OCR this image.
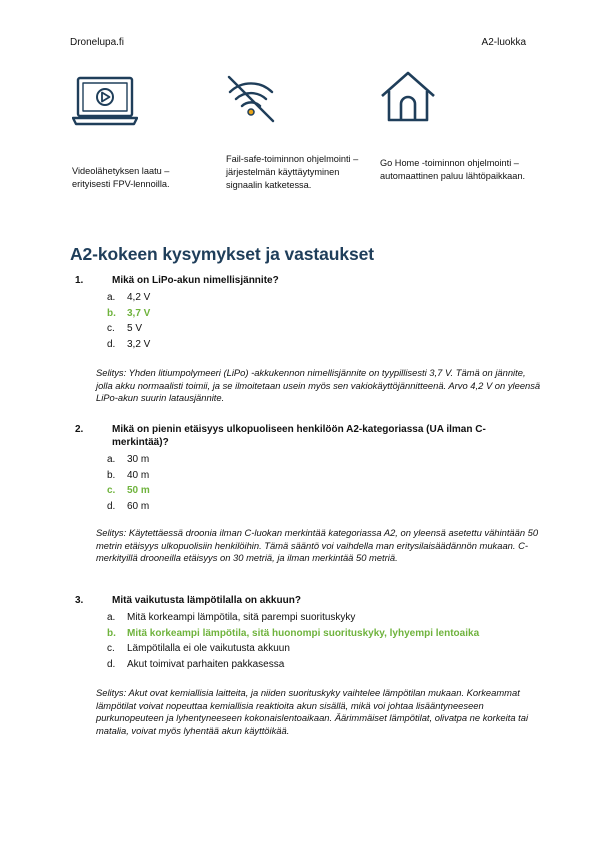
Dronelupa.fi	A2-luokka
Videolähetyksen laatu – erityisesti FPV-lennoilla.
Fail-safe-toiminnon ohjelmointi – järjestelmän käyttäytyminen signaalin katketessa.
Go Home -toiminnon ohjelmointi – automaattinen paluu lähtöpaikkaan.
A2-kokeen kysymykset ja vastaukset
1.	Mikä on LiPo-akun nimellisjännite?
a.	4,2 V
b.	3,7 V
c.	5 V
d.	3,2 V
Selitys: Yhden litiumpolymeeri (LiPo) -akkukennon nimellisjännite on tyypillisesti 3,7 V. Tämä on jännite, jolla akku normaalisti toimii, ja se ilmoitetaan usein myös sen vakiokäyttöjännitteenä. Arvo 4,2 V on yleensä LiPo-akun suurin latausjännite.
2.	Mikä on pienin etäisyys ulkopuoliseen henkilöön A2-kategoriassa (UA ilman C-merkintää)?
a.	30 m
b.	40 m
c.	50 m
d.	60 m
Selitys: Käytettäessä droonia ilman C-luokan merkintää kategoriassa A2, on yleensä asetettu vähintään 50 metrin etäisyys ulkopuolisiin henkilöihin. Tämä sääntö voi vaihdella man eritysilaisäädännön mukaan. C-merkityillä drooneilla etäisyys on 30 metriä, ja ilman merkintää 50 metriä.
3.	Mitä vaikutusta lämpötilalla on akkuun?
a.	Mitä korkeampi lämpötila, sitä parempi suorituskyky
b.	Mitä korkeampi lämpötila, sitä huonompi suorituskyky, lyhyempi lentoaika
c.	Lämpötilalla ei ole vaikutusta akkuun
d.	Akut toimivat parhaiten pakkasessa
Selitys: Akut ovat kemiallisia laitteita, ja niiden suorituskyky vaihtelee lämpötilan mukaan. Korkeammat lämpötilat voivat nopeuttaa kemiallisia reaktioita akun sisällä, mikä voi johtaa lisääntyneeseen purkunopeuteen ja lyhentyneeseen kokonaislentoaikaan. Äärimmäiset lämpötilat, olivatpa ne korkeita tai matalia, voivat myös lyhentää akun käyttöikää.
